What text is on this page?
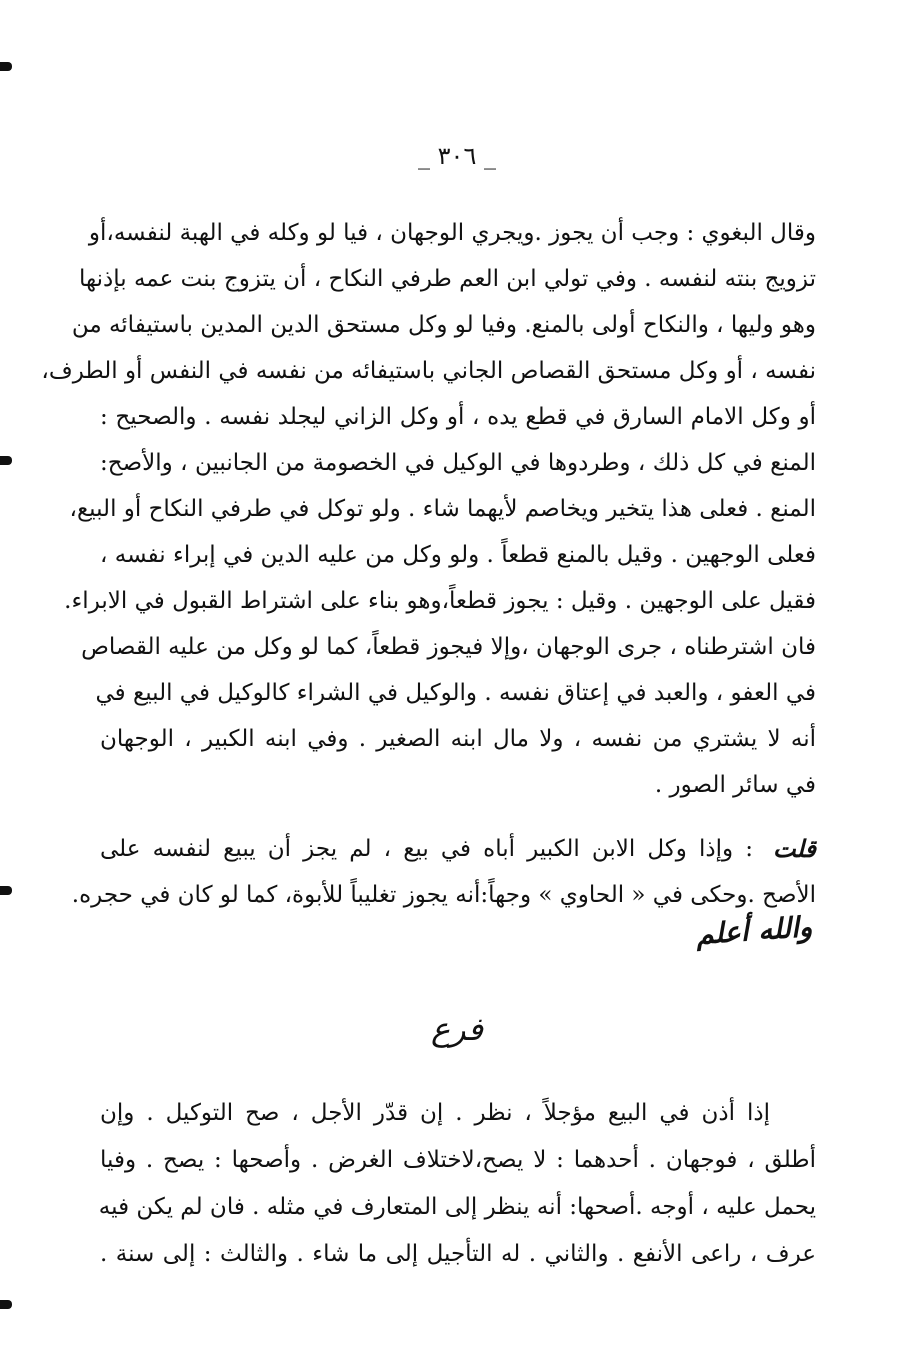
_ ٣٠٦ _
وقال البغوي : وجب أن يجوز .ويجري الوجهان ، فيا لو وكله في الهبة لنفسه،أو
تزويج بنته لنفسه . وفي تولي ابن العم طرفي النكاح ، أن يتزوج بنت عمه بإذنها
وهو وليها ، والنكاح أولى بالمنع. وفيا لو وكل مستحق الدين المدين باستيفائه من
نفسه ، أو وكل مستحق القصاص الجاني باستيفائه من نفسه في النفس أو الطرف،
أو وكل الامام السارق في قطع يده ، أو وكل الزاني ليجلد نفسه . والصحيح :
المنع في كل ذلك ، وطردوها في الوكيل في الخصومة من الجانبين ، والأصح:
المنع . فعلى هذا يتخير ويخاصم لأيهما شاء . ولو توكل في طرفي النكاح أو البيع،
فعلى الوجهين . وقيل بالمنع قطعاً . ولو وكل من عليه الدين في إبراء نفسه ،
فقيل على الوجهين . وقيل : يجوز قطعاً،وهو بناء على اشتراط القبول في الابراء.
فان اشترطناه ، جرى الوجهان ،وإلا فيجوز قطعاً، كما لو وكل من عليه القصاص
في العفو ، والعبد في إعتاق نفسه . والوكيل في الشراء كالوكيل في البيع في
أنه لا يشتري من نفسه ، ولا مال ابنه الصغير . وفي ابنه الكبير ، الوجهان
في سائر الصور .
قلت
: وإذا وكل الابن الكبير أباه في بيع ، لم يجز أن يبيع لنفسه على
الأصح .وحكى في « الحاوي » وجهاً:أنه يجوز تغليباً للأبوة، كما لو كان في حجره.
والله أعلم
فرع
إذا أذن في البيع مؤجلاً ، نظر . إن قدّر الأجل ، صح التوكيل . وإن
أطلق ، فوجهان . أحدهما : لا يصح،لاختلاف الغرض . وأصحها : يصح . وفيا
يحمل عليه ، أوجه .أصحها: أنه ينظر إلى المتعارف في مثله . فان لم يكن فيه
عرف ، راعى الأنفع . والثاني . له التأجيل إلى ما شاء . والثالث : إلى سنة .
